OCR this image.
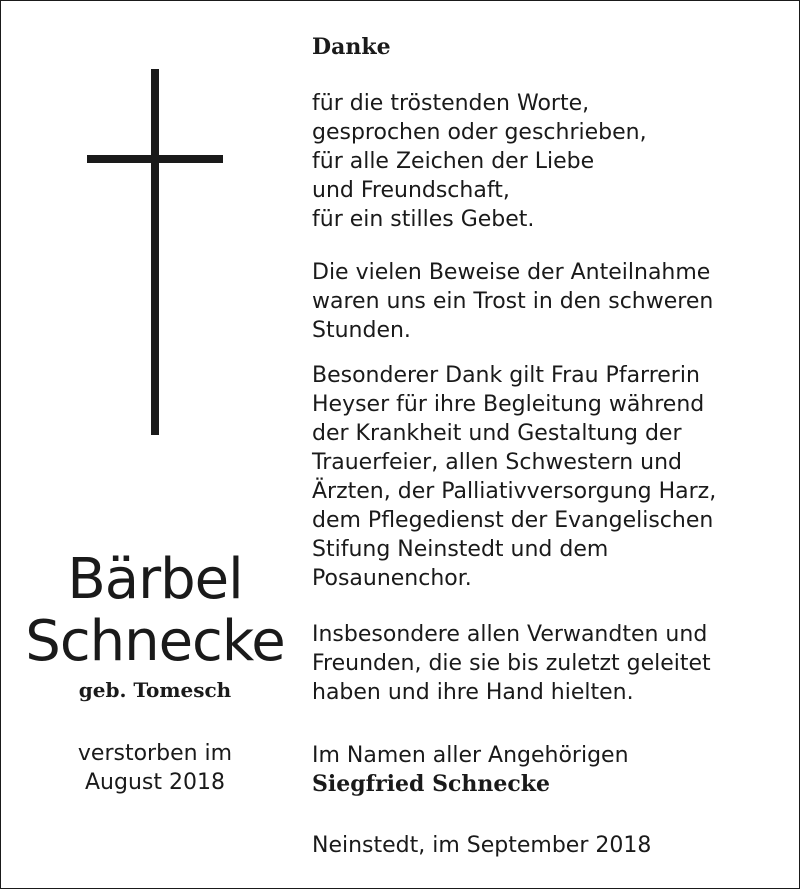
Bärbel
Schnecke
geb. Tomesch
verstorben im
August 2018
Danke
für die tröstenden Worte,
gesprochen oder geschrieben,
für alle Zeichen der Liebe
und Freundschaft,
für ein stilles Gebet.
Die vielen Beweise der Anteilnahme
waren uns ein Trost in den schweren
Stunden.
Besonderer Dank gilt Frau Pfarrerin
Heyser für ihre Begleitung während
der Krankheit und Gestaltung der
Trauerfeier, allen Schwestern und
Ärzten, der Palliativversorgung Harz,
dem Pflegedienst der Evangelischen
Stifung Neinstedt und dem
Posaunenchor.
Insbesondere allen Verwandten und
Freunden, die sie bis zuletzt geleitet
haben und ihre Hand hielten.
Im Namen aller Angehörigen
Siegfried Schnecke
Neinstedt, im September 2018
